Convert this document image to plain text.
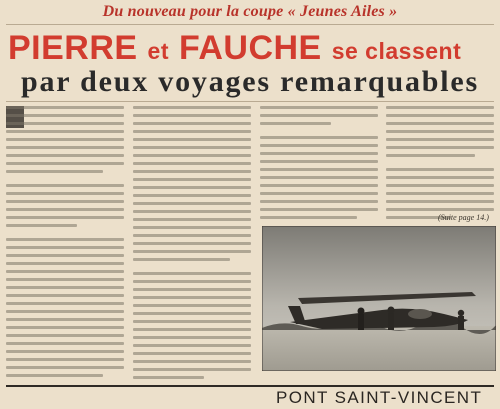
Du nouveau pour la coupe « Jeunes Ailes »
PIERRE et FAUCHE se classent
par deux voyages remarquables
(Suite page 14.)
PONT SAINT-VINCENT
